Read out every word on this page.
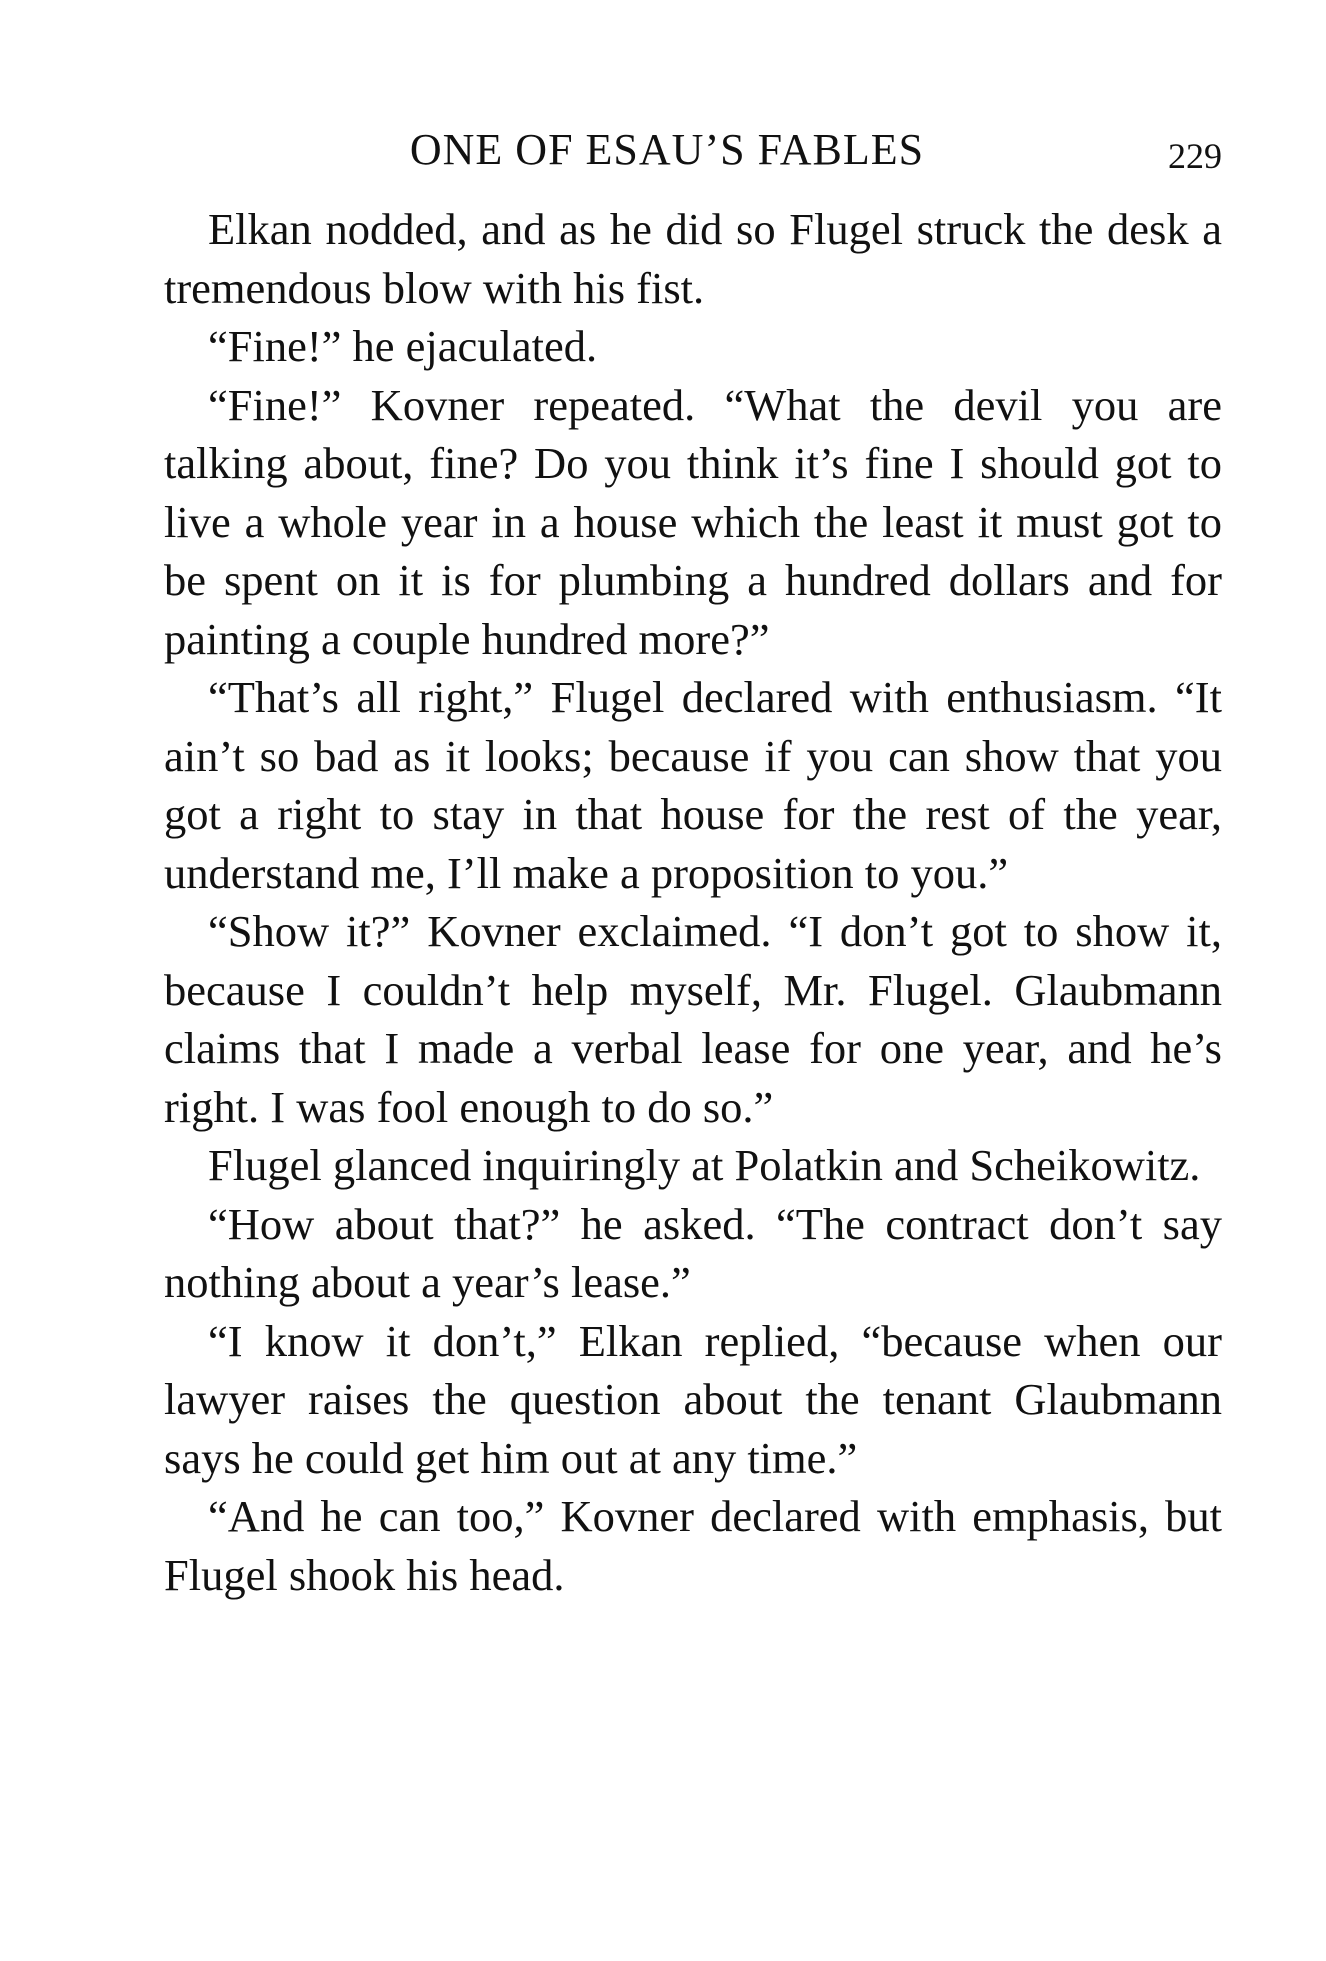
ONE OF ESAU’S FABLES	229

Elkan nodded, and as he did so Flugel struck the desk a tremendous blow with his fist.

“Fine!” he ejaculated.

“Fine!” Kovner repeated. “What the devil you are talking about, fine? Do you think it’s fine I should got to live a whole year in a house which the least it must got to be spent on it is for plumbing a hundred dollars and for painting a couple hundred more?”

“That’s all right,” Flugel declared with enthusiasm. “It ain’t so bad as it looks; because if you can show that you got a right to stay in that house for the rest of the year, understand me, I’ll make a proposition to you.”

“Show it?” Kovner exclaimed. “I don’t got to show it, because I couldn’t help myself, Mr. Flugel. Glaubmann claims that I made a verbal lease for one year, and he’s right. I was fool enough to do so.”

Flugel glanced inquiringly at Polatkin and Scheikowitz.

“How about that?” he asked. “The contract don’t say nothing about a year’s lease.”

“I know it don’t,” Elkan replied, “because when our lawyer raises the question about the tenant Glaubmann says he could get him out at any time.”

“And he can too,” Kovner declared with emphasis, but Flugel shook his head.
